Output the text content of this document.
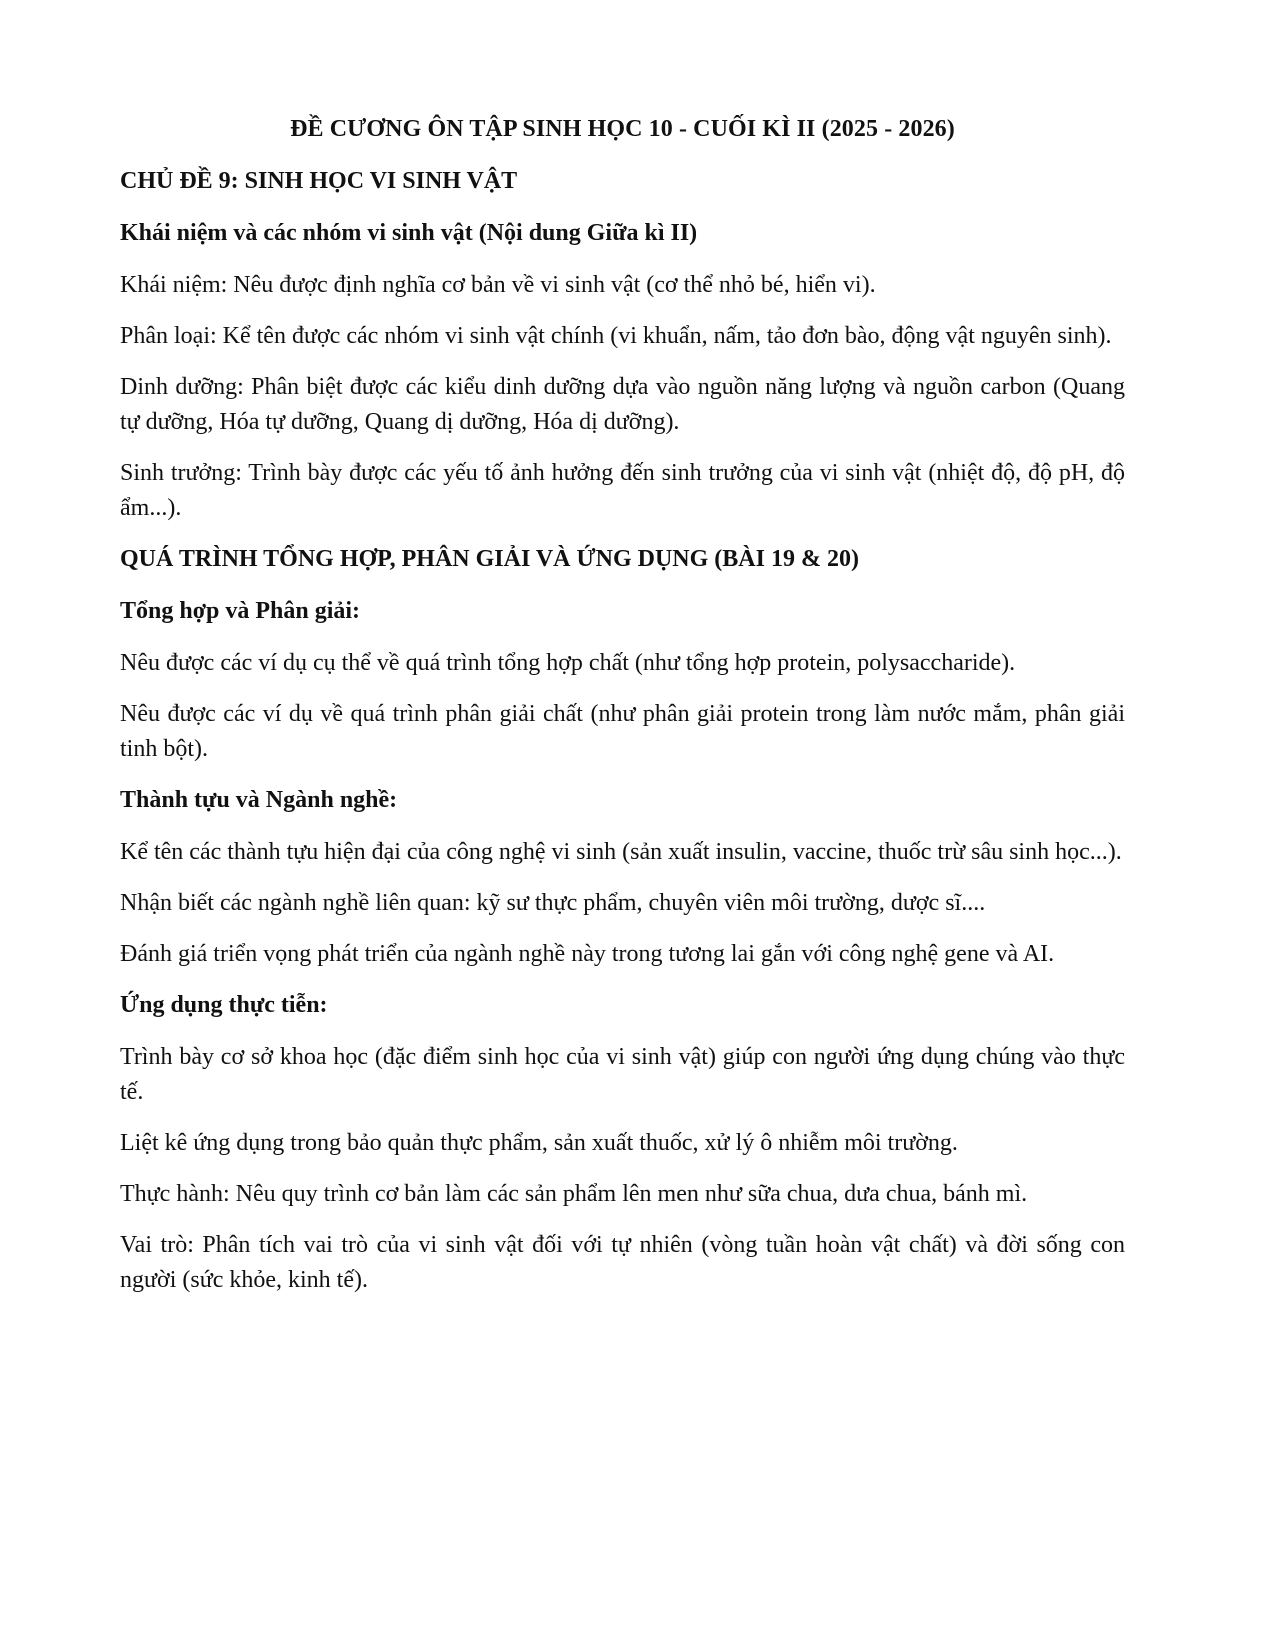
ĐỀ CƯƠNG ÔN TẬP SINH HỌC 10 - CUỐI KÌ II (2025 - 2026)

CHỦ ĐỀ 9: SINH HỌC VI SINH VẬT

Khái niệm và các nhóm vi sinh vật (Nội dung Giữa kì II)

Khái niệm: Nêu được định nghĩa cơ bản về vi sinh vật (cơ thể nhỏ bé, hiển vi).

Phân loại: Kể tên được các nhóm vi sinh vật chính (vi khuẩn, nấm, tảo đơn bào, động vật nguyên sinh).

Dinh dưỡng: Phân biệt được các kiểu dinh dưỡng dựa vào nguồn năng lượng và nguồn carbon (Quang tự dưỡng, Hóa tự dưỡng, Quang dị dưỡng, Hóa dị dưỡng).

Sinh trưởng: Trình bày được các yếu tố ảnh hưởng đến sinh trưởng của vi sinh vật (nhiệt độ, độ pH, độ ẩm...).

QUÁ TRÌNH TỔNG HỢP, PHÂN GIẢI VÀ ỨNG DỤNG (BÀI 19 & 20)

Tổng hợp và Phân giải:

Nêu được các ví dụ cụ thể về quá trình tổng hợp chất (như tổng hợp protein, polysaccharide).

Nêu được các ví dụ về quá trình phân giải chất (như phân giải protein trong làm nước mắm, phân giải tinh bột).

Thành tựu và Ngành nghề:

Kể tên các thành tựu hiện đại của công nghệ vi sinh (sản xuất insulin, vaccine, thuốc trừ sâu sinh học...).

Nhận biết các ngành nghề liên quan: kỹ sư thực phẩm, chuyên viên môi trường, dược sĩ....

Đánh giá triển vọng phát triển của ngành nghề này trong tương lai gắn với công nghệ gene và AI.

Ứng dụng thực tiễn:

Trình bày cơ sở khoa học (đặc điểm sinh học của vi sinh vật) giúp con người ứng dụng chúng vào thực tế.

Liệt kê ứng dụng trong bảo quản thực phẩm, sản xuất thuốc, xử lý ô nhiễm môi trường.

Thực hành: Nêu quy trình cơ bản làm các sản phẩm lên men như sữa chua, dưa chua, bánh mì.

Vai trò: Phân tích vai trò của vi sinh vật đối với tự nhiên (vòng tuần hoàn vật chất) và đời sống con người (sức khỏe, kinh tế).
